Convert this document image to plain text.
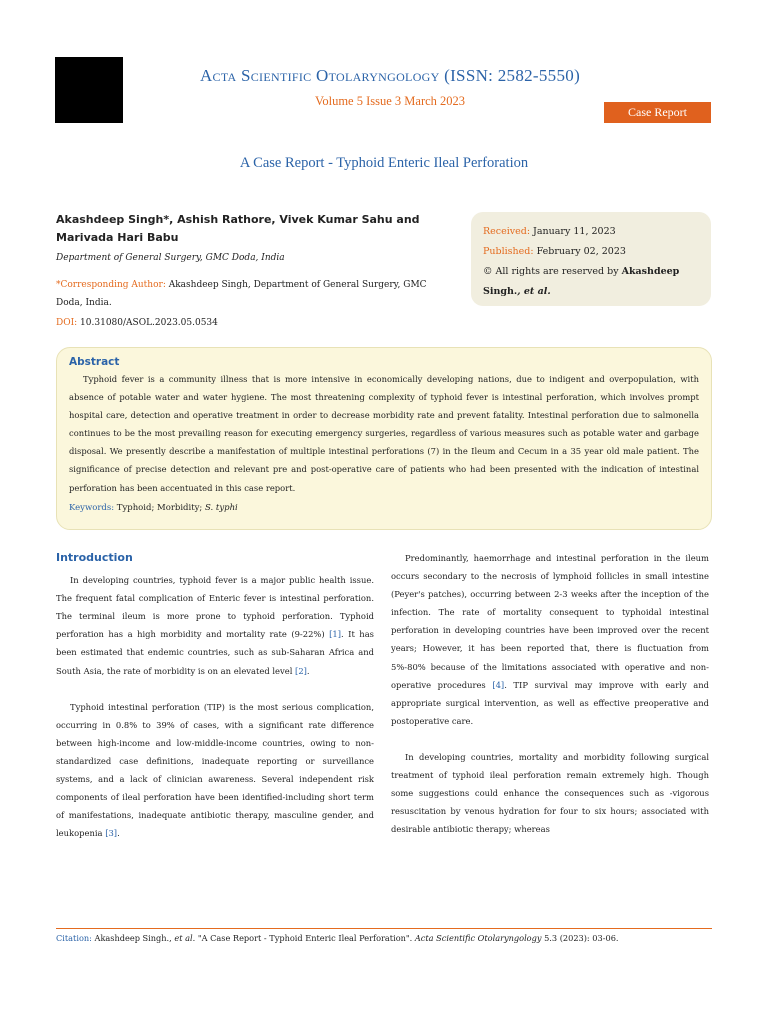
Acta Scientific Otolaryngology (ISSN: 2582-5550)
Volume 5 Issue 3 March 2023
Case Report
A Case Report - Typhoid Enteric Ileal Perforation
Akashdeep Singh*, Ashish Rathore, Vivek Kumar Sahu and Marivada Hari Babu
Department of General Surgery, GMC Doda, India
*Corresponding Author: Akashdeep Singh, Department of General Surgery, GMC Doda, India.
DOI: 10.31080/ASOL.2023.05.0534
Received: January 11, 2023
Published: February 02, 2023
© All rights are reserved by Akashdeep Singh., et al.
Abstract

Typhoid fever is a community illness that is more intensive in economically developing nations, due to indigent and overpopulation, with absence of potable water and water hygiene. The most threatening complexity of typhoid fever is intestinal perforation, which involves prompt hospital care, detection and operative treatment in order to decrease morbidity rate and prevent fatality. Intestinal perforation due to salmonella continues to be the most prevailing reason for executing emergency surgeries, regardless of various measures such as potable water and garbage disposal. We presently describe a manifestation of multiple intestinal perforations (7) in the Ileum and Cecum in a 35 year old male patient. The significance of precise detection and relevant pre and post-operative care of patients who had been presented with the indication of intestinal perforation has been accentuated in this case report.

Keywords: Typhoid; Morbidity; S. typhi
Introduction

In developing countries, typhoid fever is a major public health issue. The frequent fatal complication of Enteric fever is intestinal perforation. The terminal ileum is more prone to typhoid perforation. Typhoid perforation has a high morbidity and mortality rate (9-22%) [1]. It has been estimated that endemic countries, such as sub-Saharan Africa and South Asia, the rate of morbidity is on an elevated level [2].

Typhoid intestinal perforation (TIP) is the most serious complication, occurring in 0.8% to 39% of cases, with a significant rate difference between high-income and low-middle-income countries, owing to non-standardized case definitions, inadequate reporting or surveillance systems, and a lack of clinician awareness. Several independent risk components of ileal perforation have been identified-including short term of manifestations, inadequate antibiotic therapy, masculine gender, and leukopenia [3].

Predominantly, haemorrhage and intestinal perforation in the ileum occurs secondary to the necrosis of lymphoid follicles in small intestine (Peyer's patches), occurring between 2-3 weeks after the inception of the infection. The rate of mortality consequent to typhoidal intestinal perforation in developing countries have been improved over the recent years; However, it has been reported that, there is fluctuation from 5%-80% because of the limitations associated with operative and non-operative procedures [4]. TIP survival may improve with early and appropriate surgical intervention, as well as effective preoperative and postoperative care.

In developing countries, mortality and morbidity following surgical treatment of typhoid ileal perforation remain extremely high. Though some suggestions could enhance the consequences such as -vigorous resuscitation by venous hydration for four to six hours; associated with desirable antibiotic therapy; whereas

Citation: Akashdeep Singh., et al. "A Case Report - Typhoid Enteric Ileal Perforation". Acta Scientific Otolaryngology 5.3 (2023): 03-06.
